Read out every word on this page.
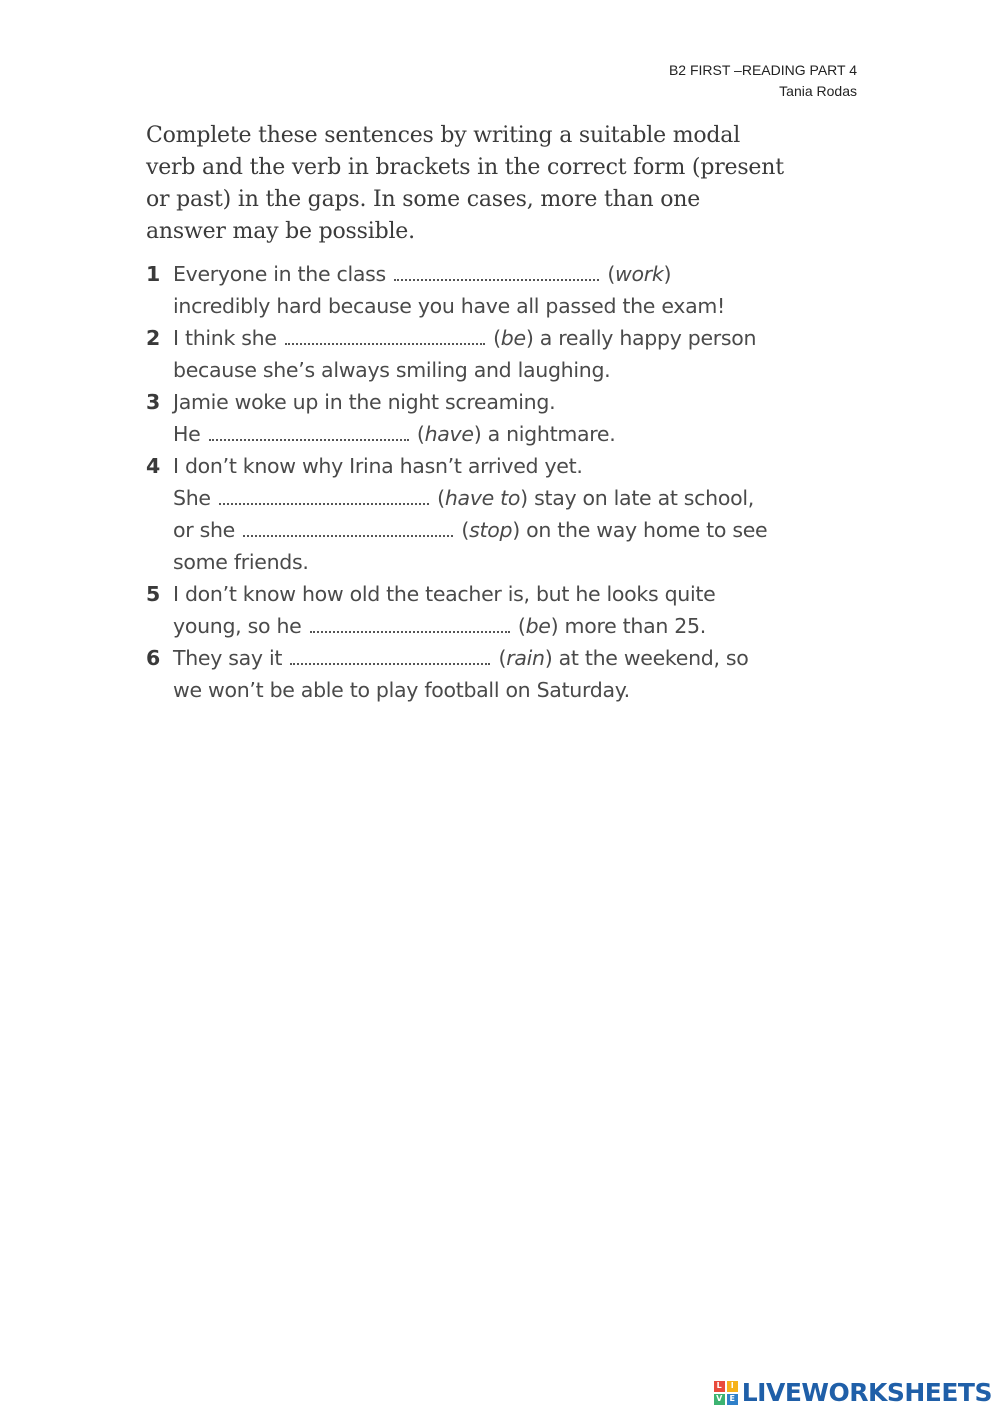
B2 FIRST –READING PART 4
Tania Rodas
Complete these sentences by writing a suitable modal verb and the verb in brackets in the correct form (present or past) in the gaps. In some cases, more than one answer may be possible.
1 Everyone in the class	(work)
incredibly hard because you have all passed the exam!
2 I think she	(be) a really happy person
because she’s always smiling and laughing.
3 Jamie woke up in the night screaming.
He	(have) a nightmare.
4 I don’t know why Irina hasn’t arrived yet.
She	(have to) stay on late at school,
or she	(stop) on the way home to see
some friends.
5 I don’t know how old the teacher is, but he looks quite
young, so he	(be) more than 25.
6 They say it	(rain) at the weekend, so
we won’t be able to play football on Saturday.
L	I
V E LIVEWORKSHEETS
